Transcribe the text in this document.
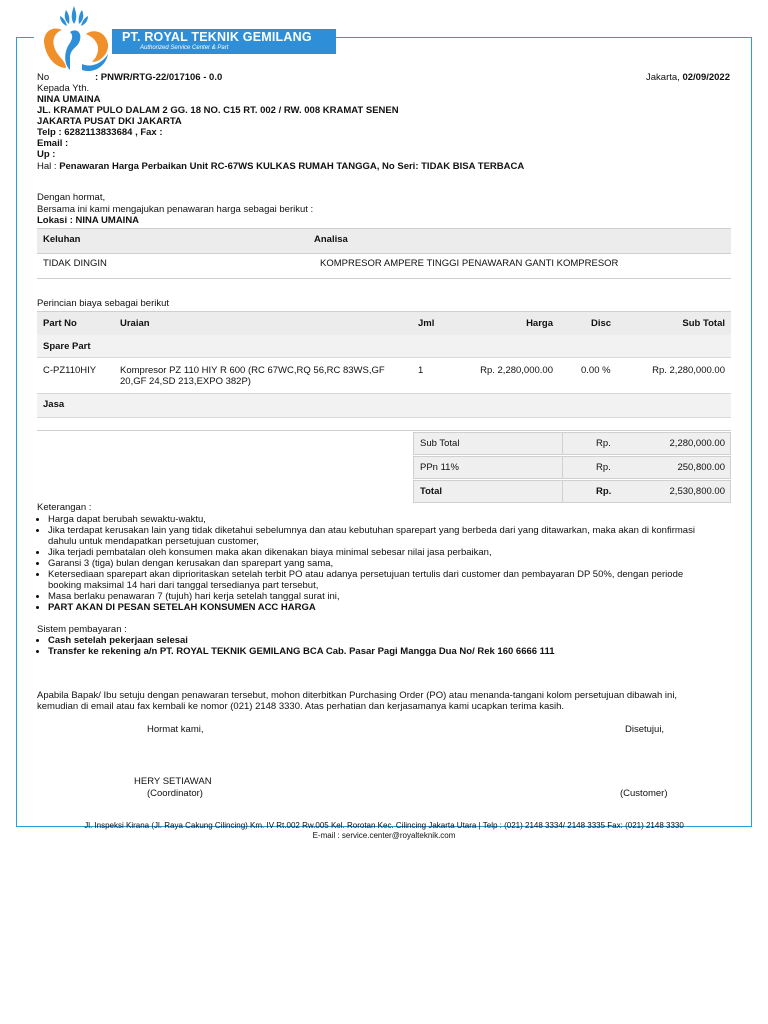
PT. ROYAL TEKNIK GEMILANG
Authorized Service Center & Part
No	: PNWR/RTG-22/017106 - 0.0	Jakarta, 02/09/2022
Kepada Yth.
NINA UMAINA
JL. KRAMAT PULO DALAM 2 GG. 18 NO. C15 RT. 002 / RW. 008 KRAMAT SENEN
JAKARTA PUSAT DKI JAKARTA
Telp : 6282113833684 , Fax :
Email :
Up :
Hal : Penawaran Harga Perbaikan Unit RC-67WS KULKAS RUMAH TANGGA, No Seri: TIDAK BISA TERBACA
Dengan hormat,
Bersama ini kami mengajukan penawaran harga sebagai berikut :
Lokasi : NINA UMAINA
Keluhan	Analisa
TIDAK DINGIN	KOMPRESOR AMPERE TINGGI PENAWARAN GANTI KOMPRESOR
Perincian biaya sebagai berikut
Part No	Uraian	Jml	Harga	Disc	Sub Total
Spare Part
C-PZ110HIY	Kompresor PZ 110 HIY R 600 (RC 67WC,RQ 56,RC 83WS,GF
20,GF 24,SD 213,EXPO 382P)
1	Rp. 2,280,000.00	0.00 %	Rp. 2,280,000.00
Jasa
Sub Total	Rp.	2,280,000.00
PPn 11%	Rp.	250,800.00
Total	Rp.	2,530,800.00
Keterangan :
• Harga dapat berubah sewaktu-waktu,
• Jika terdapat kerusakan lain yang tidak diketahui sebelumnya dan atau kebutuhan sparepart yang berbeda dari yang ditawarkan, maka akan di konfirmasi
dahulu untuk mendapatkan persetujuan customer,
• Jika terjadi pembatalan oleh konsumen maka akan dikenakan biaya minimal sebesar nilai jasa perbaikan,
• Garansi 3 (tiga) bulan dengan kerusakan dan sparepart yang sama,
• Ketersediaan sparepart akan diprioritaskan setelah terbit PO atau adanya persetujuan tertulis dari customer dan pembayaran DP 50%, dengan periode
booking maksimal 14 hari dari tanggal tersedianya part tersebut,
• Masa berlaku penawaran 7 (tujuh) hari kerja setelah tanggal surat ini,
• PART AKAN DI PESAN SETELAH KONSUMEN ACC HARGA
Sistem pembayaran :
• Cash setelah pekerjaan selesai
• Transfer ke rekening a/n PT. ROYAL TEKNIK GEMILANG BCA Cab. Pasar Pagi Mangga Dua No/ Rek 160 6666 111
Apabila Bapak/ Ibu setuju dengan penawaran tersebut, mohon diterbitkan Purchasing Order (PO) atau menanda-tangani kolom persetujuan dibawah ini,
kemudian di email atau fax kembali ke nomor (021) 2148 3330. Atas perhatian dan kerjasamanya kami ucapkan terima kasih.
Hormat kami,	Disetujui,
HERY SETIAWAN
(Coordinator)	(Customer)
Jl. Inspeksi Kirana (Jl. Raya Cakung Cilincing) Km. IV Rt.002 Rw.005 Kel. Rorotan Kec. Cilincing Jakarta Utara | Telp : (021) 2148 3334/ 2148 3335 Fax: (021) 2148 3330
E-mail : service.center@royalteknik.com
